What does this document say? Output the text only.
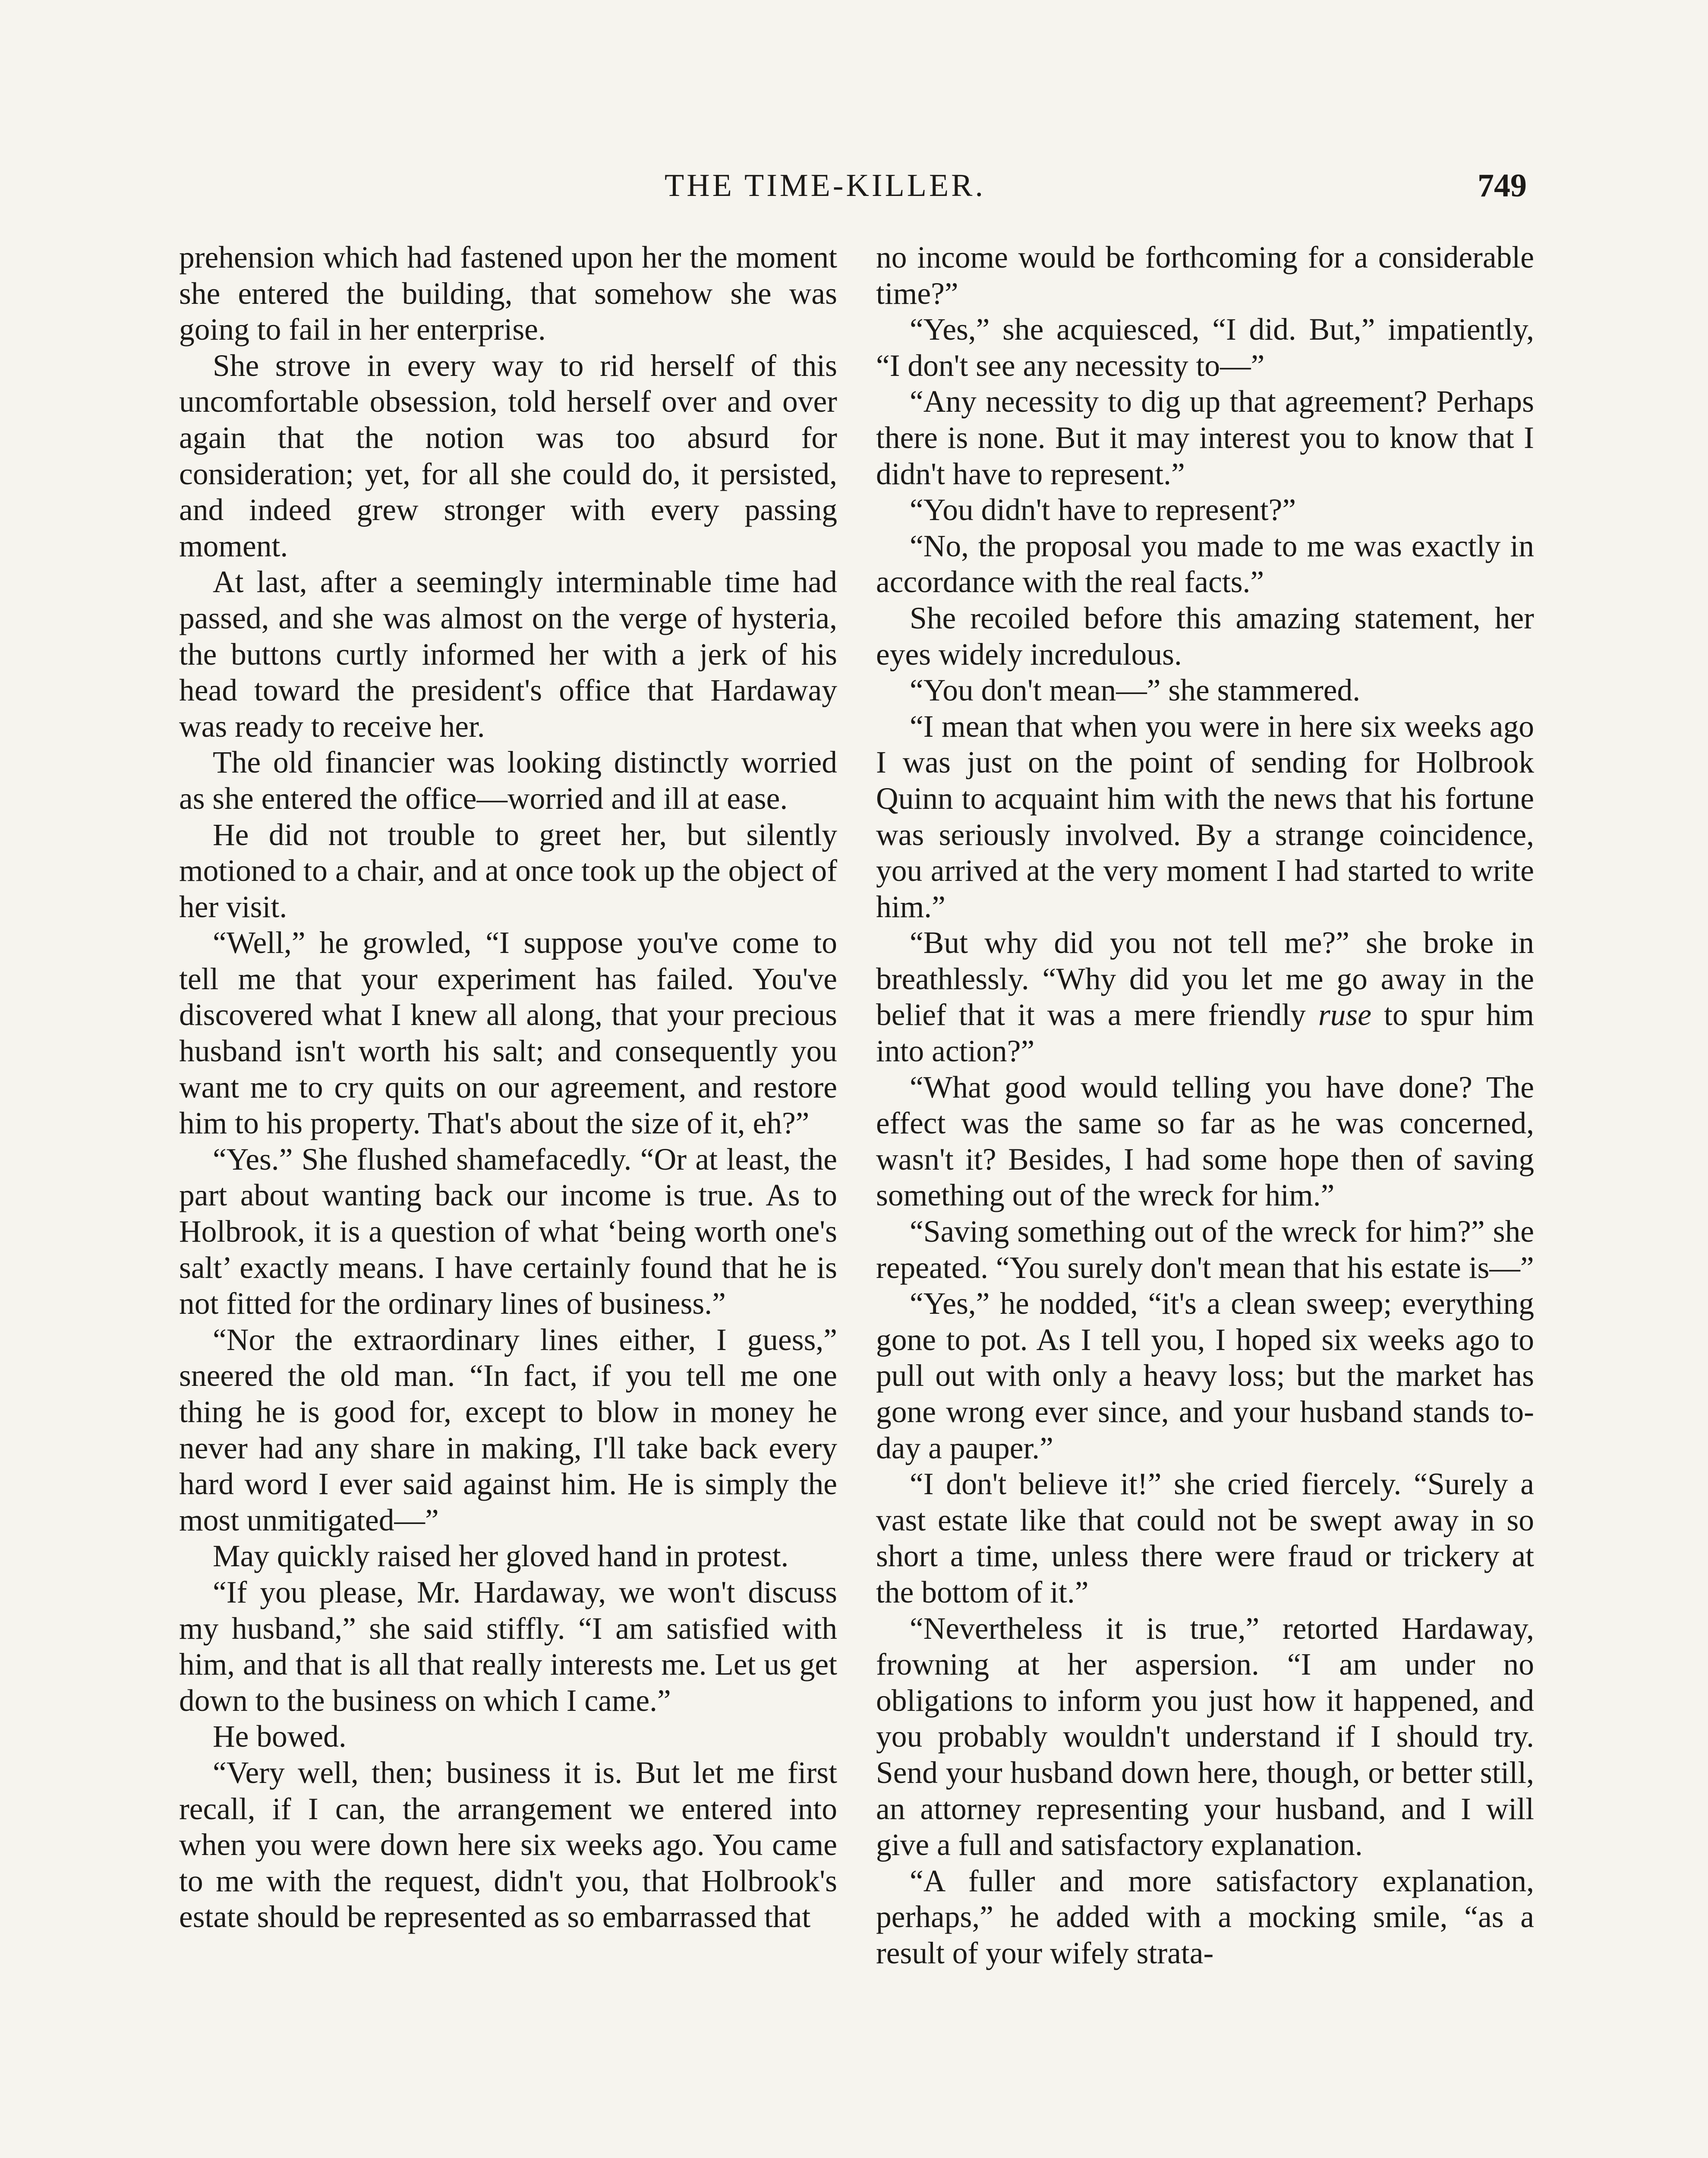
THE TIME-KILLER.	749

prehension which had fastened upon her the moment she entered the building, that somehow she was going to fail in her enterprise.

She strove in every way to rid herself of this uncomfortable obsession, told herself over and over again that the notion was too absurd for consideration; yet, for all she could do, it persisted, and indeed grew stronger with every passing moment.

At last, after a seemingly interminable time had passed, and she was almost on the verge of hysteria, the buttons curtly informed her with a jerk of his head toward the president's office that Hardaway was ready to receive her.

The old financier was looking distinctly worried as she entered the office—worried and ill at ease.

He did not trouble to greet her, but silently motioned to a chair, and at once took up the object of her visit.

“Well,” he growled, “I suppose you've come to tell me that your experiment has failed. You've discovered what I knew all along, that your precious husband isn't worth his salt; and consequently you want me to cry quits on our agreement, and restore him to his property. That's about the size of it, eh?”

“Yes.” She flushed shamefacedly. “Or at least, the part about wanting back our income is true. As to Holbrook, it is a question of what ‘being worth one's salt’ exactly means. I have certainly found that he is not fitted for the ordinary lines of business.”

“Nor the extraordinary lines either, I guess,” sneered the old man. “In fact, if you tell me one thing he is good for, except to blow in money he never had any share in making, I'll take back every hard word I ever said against him. He is simply the most unmitigated—”

May quickly raised her gloved hand in protest.

“If you please, Mr. Hardaway, we won't discuss my husband,” she said stiffly. “I am satisfied with him, and that is all that really interests me. Let us get down to the business on which I came.”

He bowed.

“Very well, then; business it is. But let me first recall, if I can, the arrangement we entered into when you were down here six weeks ago. You came to me with the request, didn't you, that Holbrook's estate should be represented as so embarrassed that

no income would be forthcoming for a considerable time?”

“Yes,” she acquiesced, “I did. But,” impatiently, “I don't see any necessity to—”

“Any necessity to dig up that agreement? Perhaps there is none. But it may interest you to know that I didn't have to represent.”

“You didn't have to represent?”

“No, the proposal you made to me was exactly in accordance with the real facts.”

She recoiled before this amazing statement, her eyes widely incredulous.

“You don't mean—” she stammered.

“I mean that when you were in here six weeks ago I was just on the point of sending for Holbrook Quinn to acquaint him with the news that his fortune was seriously involved. By a strange coincidence, you arrived at the very moment I had started to write him.”

“But why did you not tell me?” she broke in breathlessly. “Why did you let me go away in the belief that it was a mere friendly ruse to spur him into action?”

“What good would telling you have done? The effect was the same so far as he was concerned, wasn't it? Besides, I had some hope then of saving something out of the wreck for him.”

“Saving something out of the wreck for him?” she repeated. “You surely don't mean that his estate is—”

“Yes,” he nodded, “it's a clean sweep; everything gone to pot. As I tell you, I hoped six weeks ago to pull out with only a heavy loss; but the market has gone wrong ever since, and your husband stands to-day a pauper.”

“I don't believe it!” she cried fiercely. “Surely a vast estate like that could not be swept away in so short a time, unless there were fraud or trickery at the bottom of it.”

“Nevertheless it is true,” retorted Hardaway, frowning at her aspersion. “I am under no obligations to inform you just how it happened, and you probably wouldn't understand if I should try. Send your husband down here, though, or better still, an attorney representing your husband, and I will give a full and satisfactory explanation.

“A fuller and more satisfactory explanation, perhaps,” he added with a mocking smile, “as a result of your wifely strata-
